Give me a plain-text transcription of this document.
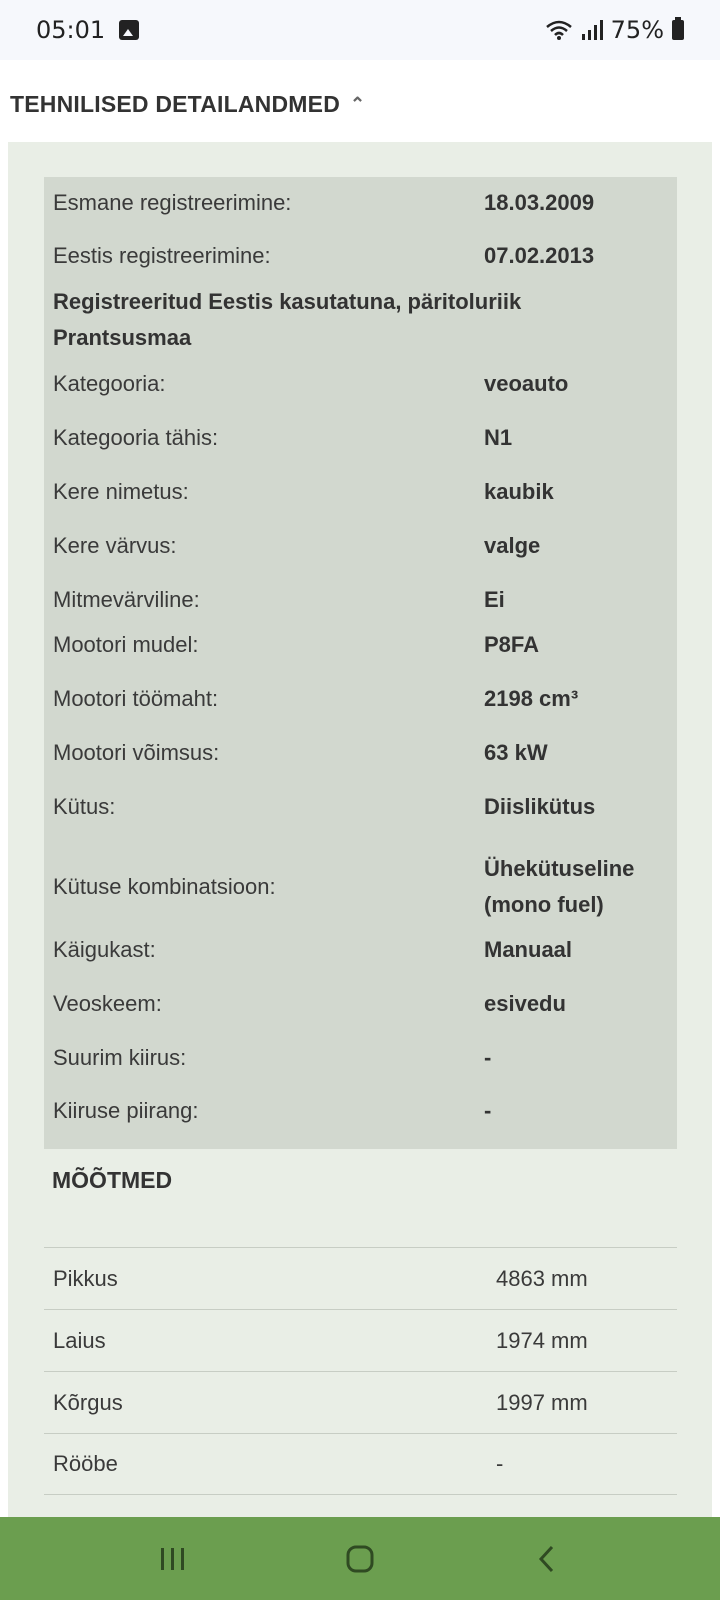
05:01	75%
TEHNILISED DETAILANDMED ⌃︎
Esmane registreerimine:	18.03.2009
Eestis registreerimine:	07.02.2013
Registreeritud Eestis kasutatuna, päritoluriik Prantsusmaa
Kategooria:	veoauto
Kategooria tähis:	N1
Kere nimetus:	kaubik
Kere värvus:	valge
Mitmevärviline:	Ei
Mootori mudel:	P8FA
Mootori töömaht:	2198 cm³
Mootori võimsus:	63 kW
Kütus:	Diislikütus
Kütuse kombinatsioon:
Ühekütuseline (mono fuel)
Käigukast:	Manuaal
Veoskeem:	esivedu
Suurim kiirus:	-
Kiiruse piirang:	-
MÕÕTMED
Pikkus	4863 mm
Laius	1974 mm
Kõrgus	1997 mm
Rööbe	-
